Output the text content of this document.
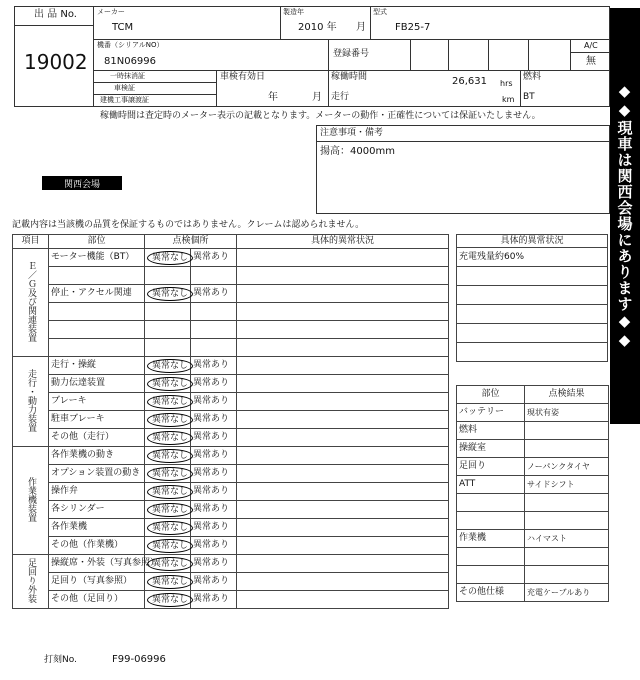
出 品 No.
19002
メーカー
TCM
製造年
2010 年 月
型式
FB25-7
機番（シリアルNO）
81N06996
登録番号
A/C
無
一時抹消証
車検証
建機工事譲渡証
車検有効日
年	月
稼働時間	26,631 hrs
走行	km
燃料
BT
稼働時間は査定時のメーター表示の記載となります。メーターの動作・正確性については保証いたしません。
注意事項・備考
揚高：4000mm
関西会場	◆◆現車は関西会場にあります◆◆
記載内容は当該機の品質を保証するものではありません。クレームは認められません。
項目	部位	点検個所		具体的異常状況
Ｅ／Ｇ及び関連装置	モーター機能（BT）	異常なし	異常あり	

	停止・アクセル関連	異常なし	異常あり	

走行・動力装置	走行・操縦	異常なし	異常あり	
	動力伝達装置	異常なし	異常あり	
	ブレーキ	異常なし	異常あり	
	駐車ブレーキ	異常なし	異常あり	
	その他（走行）	異常なし	異常あり	
作業機装置	各作業機の動き	異常なし	異常あり	
	オプション装置の動き	異常なし	異常あり	
	操作弁	異常なし	異常あり	
	各シリンダー	異常なし	異常あり	
	各作業機	異常なし	異常あり	
	その他（作業機）	異常なし	異常あり	
足回り外装	操縦席・外装（写真参照）	異常なし	異常あり	
	足回り（写真参照）	異常なし	異常あり	
	その他（足回り）	異常なし	異常あり	
具体的異常状況
充電残量約60%

部位	点検結果
バッテリー	現状有姿
燃料	
操縦室	
足回り	ノーパンクタイヤ
ATT	サイドシフト

作業機	ハイマスト

その他仕様	充電ケーブルあり
打刻No.	F99-06996
